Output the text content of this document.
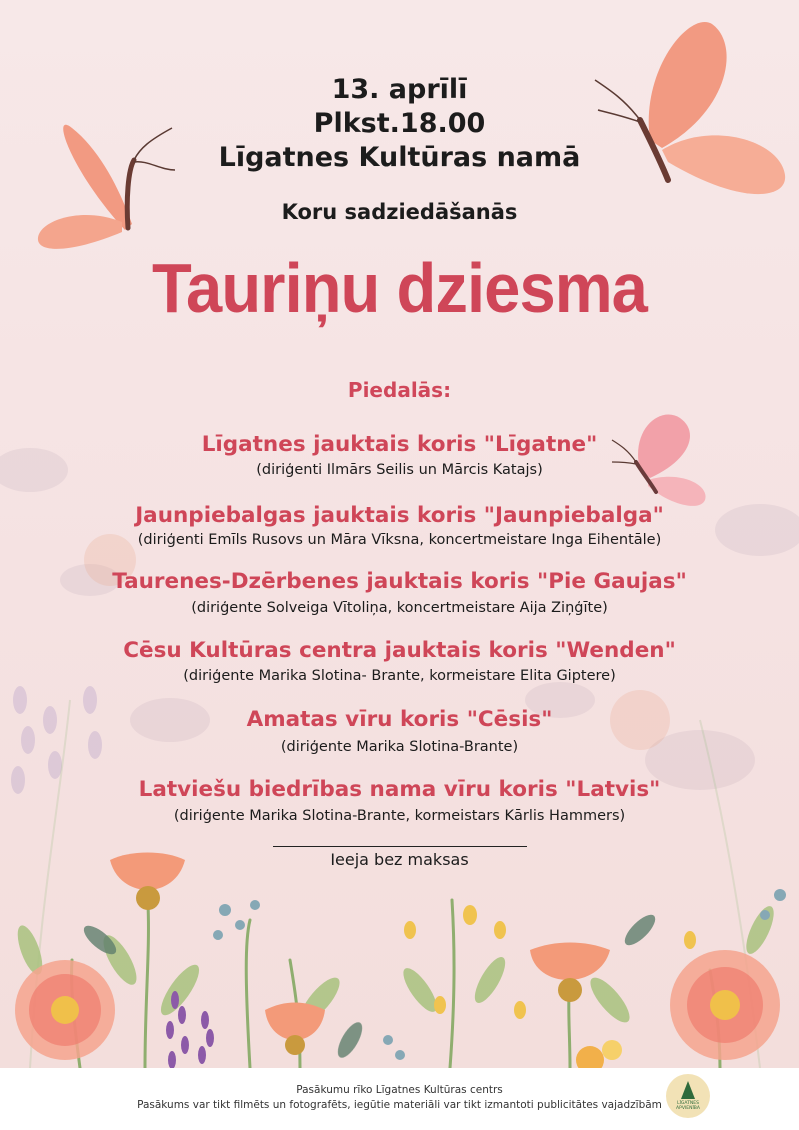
13. aprīlī
Plkst.18.00
Līgatnes Kultūras namā
Koru sadziedāšanās
Tauriņu dziesma
Piedalās:
Līgatnes jauktais koris "Līgatne"
(diriģenti Ilmārs Seilis un Mārcis Katajs)
Jaunpiebalgas jauktais koris "Jaunpiebalga"
(diriģenti Emīls Rusovs un Māra Vīksna, koncertmeistare Inga Eihentāle)
Taurenes-Dzērbenes jauktais koris "Pie Gaujas"
(diriģente Solveiga Vītoliņa, koncertmeistare Aija Ziņģīte)
Cēsu Kultūras centra jauktais koris "Wenden"
(diriģente Marika Slotina- Brante, kormeistare Elita Giptere)
Amatas vīru koris "Cēsis"
(diriģente Marika Slotina-Brante)
Latviešu biedrības nama vīru koris "Latvis"
(diriģente Marika Slotina-Brante, kormeistars Kārlis Hammers)
Ieeja bez maksas
Pasākumu rīko Līgatnes Kultūras centrs
Pasākums var tikt filmēts un fotografēts, iegūtie materiāli var tikt izmantoti publicitātes vajadzībām	LĪGATNES APVIENĪBA
